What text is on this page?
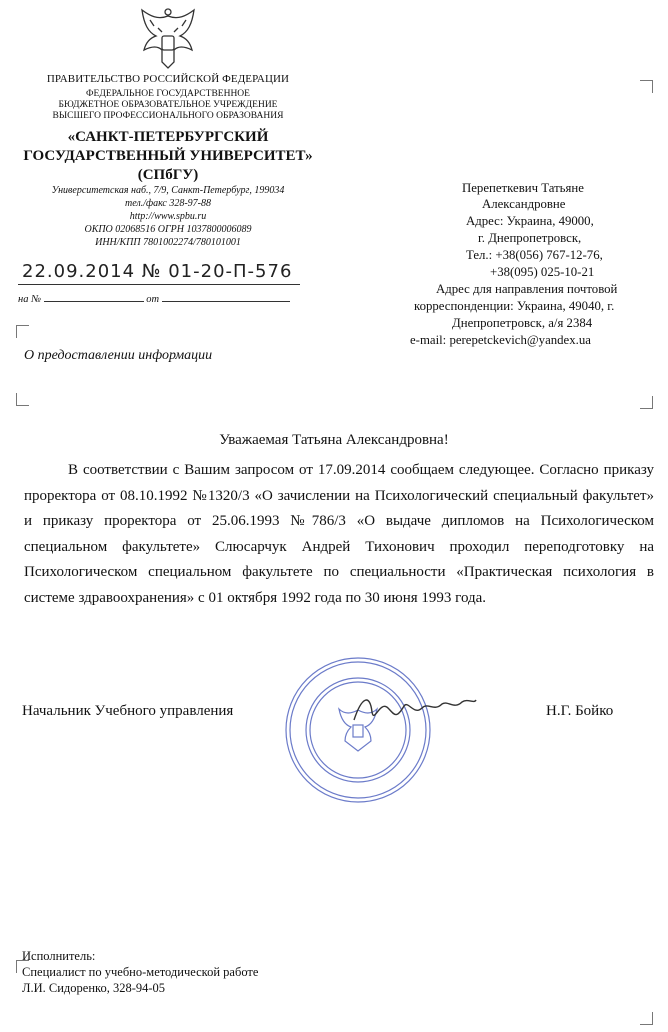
ПРАВИТЕЛЬСТВО РОССИЙСКОЙ ФЕДЕРАЦИИ
ФЕДЕРАЛЬНОЕ ГОСУДАРСТВЕННОЕ
БЮДЖЕТНОЕ ОБРАЗОВАТЕЛЬНОЕ УЧРЕЖДЕНИЕ
ВЫСШЕГО ПРОФЕССИОНАЛЬНОГО ОБРАЗОВАНИЯ
«САНКТ-ПЕТЕРБУРГСКИЙ
ГОСУДАРСТВЕННЫЙ УНИВЕРСИТЕТ»
(СПбГУ)
Университетская наб., 7/9, Санкт-Петербург, 199034
тел./факс 328-97-88
http://www.spbu.ru
ОКПО 02068516 ОГРН 1037800006089
ИНН/КПП 7801002274/780101001
22.09.2014 № 01-20-П-576
на №	от
О предоставлении информации
Перепеткевич Татьяне
Александровне
Адрес: Украина, 49000,
г. Днепропетровск,
Тел.: +38(056) 767-12-76,
+38(095) 025-10-21
Адрес для направления почтовой
корреспонденции: Украина, 49040, г.
Днепропетровск, а/я 2384
e-mail: perepetckevich@yandex.ua
Уважаемая Татьяна Александровна!
В соответствии с Вашим запросом от 17.09.2014 сообщаем следующее. Согласно приказу проректора от 08.10.1992 №1320/3 «О зачислении на Психологический специальный факультет» и приказу проректора от 25.06.1993 №786/3 «О выдаче дипломов на Психологическом специальном факультете» Слюсарчук Андрей Тихонович проходил переподготовку на Психологическом специальном факультете по специальности «Практическая психология в системе здравоохранения» с 01 октября 1992 года по 30 июня 1993 года.
Начальник Учебного управления	Н.Г. Бойко
Исполнитель:
Специалист по учебно-методической работе
Л.И. Сидоренко, 328-94-05
